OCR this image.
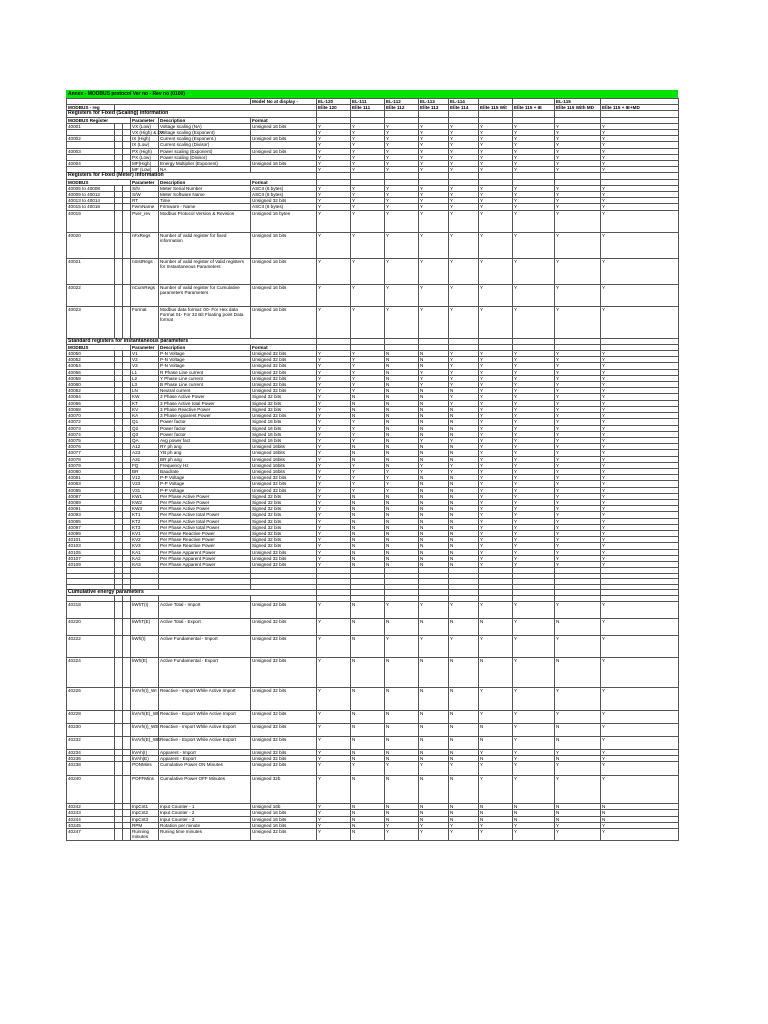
Annex - MODBUS protocol Ver no - Rev no (0100)
					Model No at display -	EL-120	EL-111	EL-112	EL-113	EL-114			EL-115	
MODBUS - reg						Elite 120	Elite 111	Elite 112	Elite 113	Elite 114	Elite 115 Wit	Elite 115 + IE	Elite 115 With MD	Elite 115 + IE+MD
Registers for Fixed (Scaling) information														
MODBUS Register			Parameter	Description	Format									
40001			VX (Low)	Voltage scaling (NA)	Unsigned 16 bits	Y	Y	Y	Y	Y	Y	Y	Y	Y
			VX (High) & DX	Voltage scaling (Exponent)		Y	Y	Y	Y	Y	Y	Y	Y	Y
40002			IX (High)	Current scaling (Exponent.)	Unsigned 16 bits	Y	Y	Y	Y	Y	Y	Y	Y	Y
			IX (Low)	Current scaling (Divisor)		Y	Y	Y	Y	Y	Y	Y	Y	Y
40003			PX (High)	Power scaling (Exponent)	Unsigned 16 bits	Y	Y	Y	Y	Y	Y	Y	Y	Y
			PX (Low)	Power scaling (Divisor)		Y	Y	Y	Y	Y	Y	Y	Y	Y
40004			MF(High)	Energy Multiplier (Exponent)	Unsigned 16 bits	Y	Y	Y	Y	Y	Y	Y	Y	Y
			MF (Low)	NA		Y	Y	Y	Y	Y	Y	Y	Y	Y
Registers for Fixed (Meter) information														
MODBUS			Parameter	Description	Format									
40005 to 40008			S/N	Meter Serial Number	ASCII (8 bytes)	Y	Y	Y	Y	Y	Y	Y	Y	Y
40009 to 40012			S/W	Meter Software Name	ASCII (8 bytes)	Y	Y	Y	Y	Y	Y	Y	Y	Y
40013 to 40014			RT	Time	Unsigned 32 bits	Y	Y	Y	Y	Y	Y	Y	Y	Y
40015 to 40018			FwmName	Firmware - Name	ASCII (8 bytes)	Y	Y	Y	Y	Y	Y	Y	Y	Y
40019			Pver_rev	Modbus Protocol Version & Revision	Unsigned 16 bytes	Y	Y	Y	Y	Y	Y	Y	Y	Y
40020			nFxRegs	Number of valid register for fixed information	Unsigned 16 bits	Y	Y	Y	Y	Y	Y	Y	Y	Y
40021			nInstRegs	Number of valid register of Valid registers for Instantaneous Parameters	Unsigned 16 bits	Y	Y	Y	Y	Y	Y	Y	Y	Y
40022			nCumRegs	Number of valid register for Cumulative parameters Parameters	Unsigned 16 bits	Y	Y	Y	Y	Y	Y	Y	Y	Y
40023			Format	Modbus data format: 00- For Hex data Format 01- For 32 Bit Floating point Data format	Unsigned 16 bits	Y	Y	Y	Y	Y	Y	Y	Y	Y
Standard registers for instantaneous parameters														
MODBUS			Parameter	Description	Format									
40050			V1	P-N Voltage	Unsigned 32 bits	Y	Y	N	N	Y	Y	Y	Y	Y
40052			V2	P-N Voltage	Unsigned 32 bits	Y	Y	N	N	Y	Y	Y	Y	Y
40054			V3	P-N Voltage	Unsigned 32 bits	Y	Y	N	N	Y	Y	Y	Y	Y
40056			L1	R Phase Line current	Unsigned 32 bits	Y	Y	N	Y	Y	Y	Y	Y	Y
40058			L2	Y Phase Line current	Unsigned 32 bits	Y	Y	N	Y	Y	Y	Y	Y	Y
40060			L3	B Phase Line current	Unsigned 32 bits	Y	Y	N	Y	Y	Y	Y	Y	Y
40062			LN	Neutral current	Unsigned 32 bits	Y	Y	N	N	N	Y	Y	Y	Y
40064			KW	3 Phase Active Power	Signed 32 bits	Y	N	N	N	Y	Y	Y	Y	Y
40066			KT	3 Phase Active total Power	Signed 32 bits	Y	N	N	N	Y	Y	Y	Y	Y
40068			KV	3 Phase Reactive Power	Signed 32 bits	Y	N	N	N	N	Y	Y	Y	Y
40070			KA	3 Phase Apparent Power	Unsigned 32 bits	Y	N	N	N	N	Y	Y	Y	Y
40072			Q1	Power factor	Signed 16 bits	Y	Y	N	N	N	Y	Y	Y	Y
40073			Q2	Power factor	Signed 16 bits	Y	Y	N	N	N	Y	Y	Y	Y
40074			Q3	Power factor	Signed 16 bits	Y	Y	N	N	N	Y	Y	Y	Y
40075			QA	Avg power fact	Signed 16 bits	Y	Y	N	Y	Y	Y	Y	Y	Y
40076			A12	RY ph ang	Unsigned 16bits	Y	N	N	N	N	Y	Y	Y	Y
40077			A23	YB ph ang	Unsigned 16bits	Y	N	N	N	N	Y	Y	Y	Y
40078			A31	BR ph ang	Unsigned 16bits	Y	N	N	N	N	Y	Y	Y	Y
40079			FQ	Frequency Hz	Unsigned 16bits	Y	Y	N	Y	Y	Y	Y	Y	Y
40080			BR	Baudrate	Unsigned 16bits	Y	Y	Y	Y	Y	Y	Y	Y	Y
40081			V12	P-P Voltage	Unsigned 32 bits	Y	Y	Y	N	N	Y	Y	Y	Y
40083			V23	P-P Voltage	Unsigned 32 bits	Y	Y	Y	N	N	Y	Y	Y	Y
40085			V31	P-P Voltage	Unsigned 32 bits	Y	Y	Y	N	N	Y	Y	Y	Y
40087			KW1	Per Phase Active Power	Signed 32 bits	Y	N	N	N	N	Y	Y	Y	Y
40089			KW2	Per Phase Active Power	Signed 32 bits	Y	N	N	N	N	Y	Y	Y	Y
40091			KW3	Per Phase Active Power	Signed 32 bits	Y	N	N	N	N	Y	Y	Y	Y
40093			KT1	Per Phase Active total Power	Signed 32 bits	Y	N	N	N	N	Y	Y	Y	Y
40095			KT2	Per Phase Active total Power	Signed 32 bits	Y	N	N	N	N	Y	Y	Y	Y
40097			KT3	Per Phase Active total Power	Signed 32 bits	Y	N	N	N	N	Y	Y	Y	Y
40099			KV1	Per Phase Reactive Power	Signed 32 bits	Y	N	N	N	N	Y	Y	Y	Y
40101			KV2	Per Phase Reactive Power	Signed 32 bits	Y	N	N	N	N	Y	Y	Y	Y
40103			KV3	Per Phase Reactive Power	Signed 32 bits	Y	N	N	N	N	Y	Y	Y	Y
40105			KA1	Per Phase Apparent Power	Unsigned 32 bits	Y	N	N	N	N	Y	Y	Y	Y
40107			KA2	Per Phase Apparent Power	Unsigned 32 bits	Y	N	N	N	N	Y	Y	Y	Y
40109			KA3	Per Phase Apparent Power	Unsigned 32 bits	Y	N	N	N	N	Y	Y	Y	Y

Cumulative energy parameters														

40218			kWhT(I)	Active Total - Import	Unsigned 32 bits	Y	N	Y	Y	Y	Y	Y	Y	Y
40220			kWhT(E)	Active Total - Export	Unsigned 32 bits	Y	N	N	N	N	N	Y	N	Y
40222			kWh(I)	Active Fundamental - Import	Unsigned 32 bits	Y	N	Y	Y	Y	Y	Y	Y	Y
40224			kWh(E)	Active Fundamental - Export	Unsigned 32 bits	Y	N	N	N	N	N	Y	N	Y
40226			kVArh(I)_WI	Reactive - Import While Active Import	Unsigned 32 bits	Y	N	N	N	N	Y	Y	Y	Y
40228			kVArh(E)_WI	Reactive - Export While Active Import	Unsigned 32 bits	Y	N	N	N	N	Y	Y	Y	Y
40230			kVArh(I)_WE	Reactive - Import While Active Export	Unsigned 32 bits	Y	N	N	N	N	N	Y	N	Y
40232			kVArh(E)_WE	Reactive - Export While Active Export	Unsigned 32 bits	Y	N	N	N	N	N	Y	N	Y
40234			kVAh(I)	Apparent - Import	Unsigned 32 bits	Y	N	N	N	N	Y	Y	Y	Y
40236			kVAh(E)	Apparent - Export	Unsigned 32 bits	Y	N	N	N	N	N	Y	N	Y
40238			PONMins	Cumulative Power ON Minutes	Unsigned 32 bits	Y	Y	Y	Y	Y	Y	Y	Y	Y
40240			POFFMins	Cumulative Power OFF Minutes	Unsigned 32b	Y	N	N	N	N	Y	Y	Y	Y
40242			InpCnt1	Input Counter - 1	Unsigned 16b	Y	N	N	N	N	N	N	N	N
40243			InpCnt2	Input Counter - 2	Unsigned 16 bits	Y	N	N	N	N	N	N	N	N
40244			InpCnt3	Input Counter - 3	Unsigned 16 bits	Y	N	N	N	N	N	N	N	N
40245			RPM	Rotation per minute	Unsigned 16 bits	Y	N	Y	Y	Y	Y	Y	Y	Y
40247			Running minutes	Runing time minutes	Unsigned 32 bits	Y	N	Y	Y	Y	Y	Y	Y	Y
